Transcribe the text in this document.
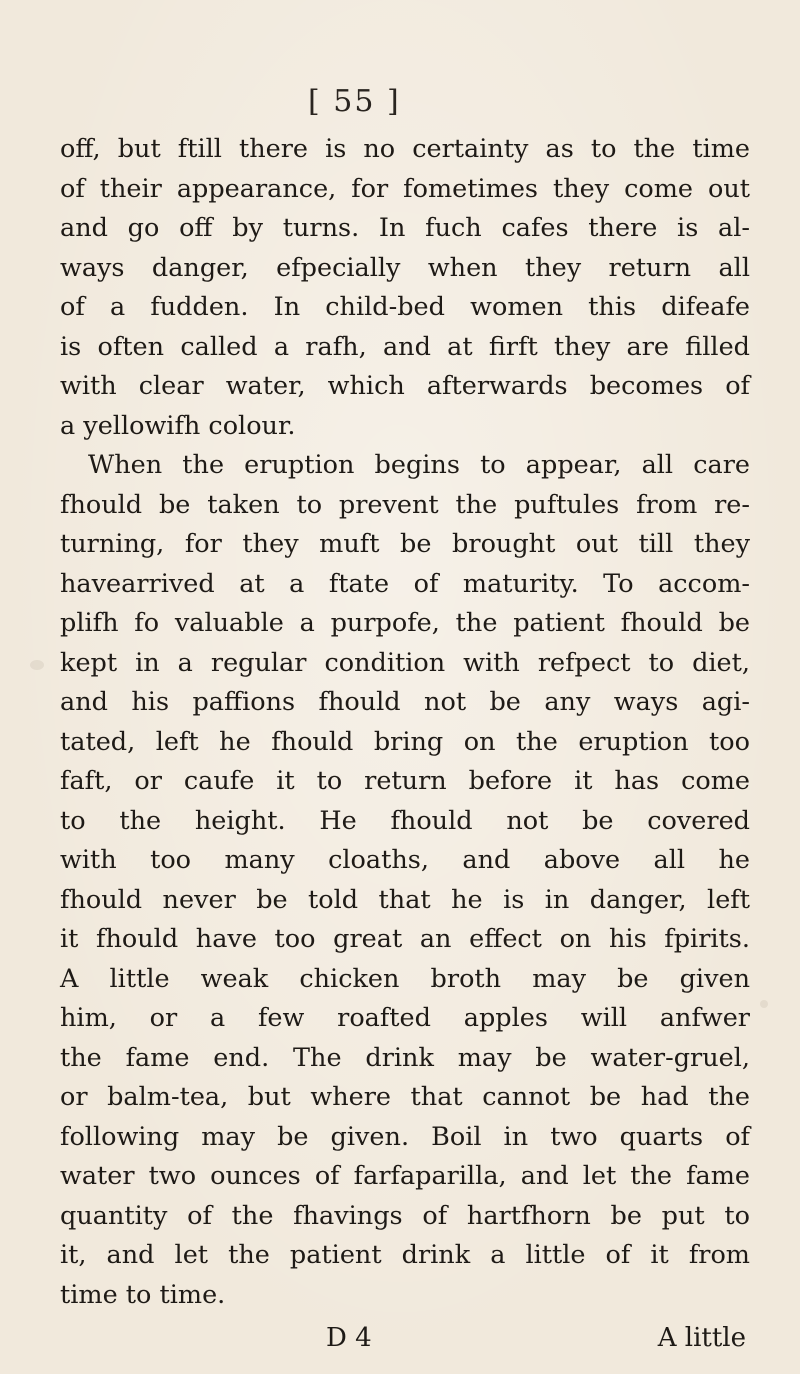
[ 55 ]
off, but ftill there is no certainty as to the time
of their appearance, for fometimes they come out
and go off by turns. In fuch cafes there is al-
ways danger, efpecially when they return all
of a fudden. In child-bed women this difeafe
is often called a rafh, and at firft they are filled
with clear water, which afterwards becomes of
a yellowifh colour.
When the eruption begins to appear, all care
fhould be taken to prevent the puftules from re-
turning, for they muft be brought out till they
havearrived at a ftate of maturity. To accom-
plifh fo valuable a purpofe, the patient fhould be
kept in a regular condition with refpect to diet,
and his paffions fhould not be any ways agi-
tated, left he fhould bring on the eruption too
faft, or caufe it to return before it has come
to the height. He fhould not be covered
with too many cloaths, and above all he
fhould never be told that he is in danger, left
it fhould have too great an effect on his fpirits.
A little weak chicken broth may be given
him, or a few roafted apples will anfwer
the fame end. The drink may be water-gruel,
or balm-tea, but where that cannot be had the
following may be given. Boil in two quarts of
water two ounces of farfaparilla, and let the fame
quantity of the fhavings of hartfhorn be put to
it, and let the patient drink a little of it from
time to time.
D 4	A little
